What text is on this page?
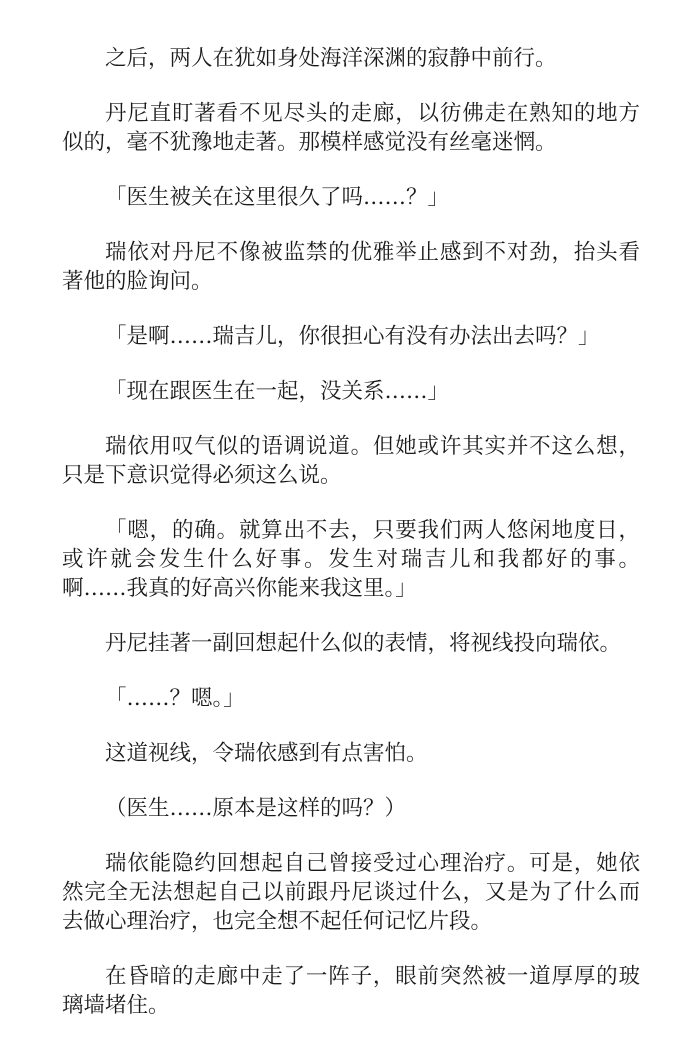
之后，两人在犹如身处海洋深渊的寂静中前行。

丹尼直盯著看不见尽头的走廊，以彷佛走在熟知的地方似的，毫不犹豫地走著。那模样感觉没有丝毫迷惘。

「医生被关在这里很久了吗……？」

瑞依对丹尼不像被监禁的优雅举止感到不对劲，抬头看著他的脸询问。

「是啊……瑞吉儿，你很担心有没有办法出去吗？」

「现在跟医生在一起，没关系……」

瑞依用叹气似的语调说道。但她或许其实并不这么想，只是下意识觉得必须这么说。

「嗯，的确。就算出不去，只要我们两人悠闲地度日，或许就会发生什么好事。发生对瑞吉儿和我都好的事。啊……我真的好高兴你能来我这里。」

丹尼挂著一副回想起什么似的表情，将视线投向瑞依。

「……？嗯。」

这道视线，令瑞依感到有点害怕。

（医生……原本是这样的吗？）

瑞依能隐约回想起自己曾接受过心理治疗。可是，她依然完全无法想起自己以前跟丹尼谈过什么，又是为了什么而去做心理治疗，也完全想不起任何记忆片段。

在昏暗的走廊中走了一阵子，眼前突然被一道厚厚的玻璃墙堵住。
